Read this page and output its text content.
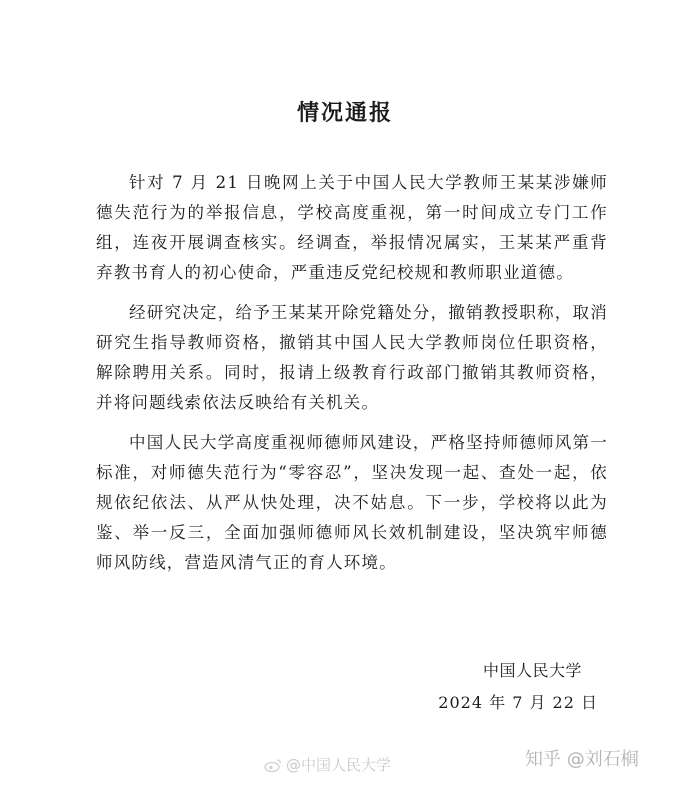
情况通报

针对 7 月 21 日晚网上关于中国人民大学教师王某某涉嫌师德失范行为的举报信息，学校高度重视，第一时间成立专门工作组，连夜开展调查核实。经调查，举报情况属实，王某某严重背弃教书育人的初心使命，严重违反党纪校规和教师职业道德。

经研究决定，给予王某某开除党籍处分，撤销教授职称，取消研究生指导教师资格，撤销其中国人民大学教师岗位任职资格，解除聘用关系。同时，报请上级教育行政部门撤销其教师资格，并将问题线索依法反映给有关机关。

中国人民大学高度重视师德师风建设，严格坚持师德师风第一标准，对师德失范行为“零容忍”，坚决发现一起、查处一起，依规依纪依法、从严从快处理，决不姑息。下一步，学校将以此为鉴、举一反三，全面加强师德师风长效机制建设，坚决筑牢师德师风防线，营造风清气正的育人环境。

中国人民大学
2024 年 7 月 22 日
@中国人民大学	知乎 @刘石榈
